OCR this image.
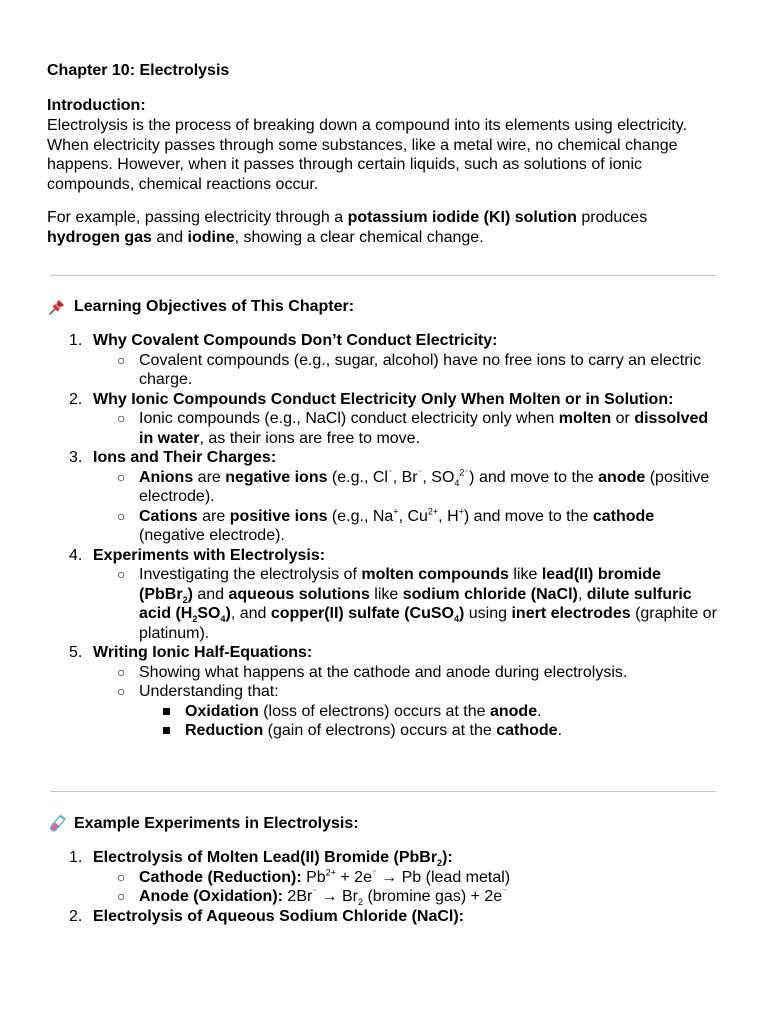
Chapter 10: Electrolysis

Introduction:

Electrolysis is the process of breaking down a compound into its elements using electricity. When electricity passes through some substances, like a metal wire, no chemical change happens. However, when it passes through certain liquids, such as solutions of ionic compounds, chemical reactions occur.

For example, passing electricity through a potassium iodide (KI) solution produces hydrogen gas and iodine, showing a clear chemical change.

Learning Objectives of This Chapter:
1. Why Covalent Compounds Don’t Conduct Electricity:
○ Covalent compounds (e.g., sugar, alcohol) have no free ions to carry an electric charge.
2. Why Ionic Compounds Conduct Electricity Only When Molten or in Solution:
○ Ionic compounds (e.g., NaCl) conduct electricity only when molten or dissolved in water, as their ions are free to move.
3. Ions and Their Charges:
○ Anions are negative ions (e.g., Cl⁻, Br⁻, $SO_4^{2^-}$) and move to the anode (positive electrode).
○ Cations are positive ions (e.g., Na+, $Cu^{2+}$, H+) and move to the cathode (negative electrode).
4. Experiments with Electrolysis:
○ Investigating the electrolysis of molten compounds like lead(II) bromide (PbBr$_2$) and aqueous solutions like sodium chloride (NaCl), dilute sulfuric acid $(H_2SO_4)$, and copper(II) sulfate (CuSO$_4$) using inert electrodes (graphite or platinum).
5. Writing Ionic Half-Equations:
○ Showing what happens at the cathode and anode during electrolysis.
○ Understanding that:
Oxidation (loss of electrons) occurs at the anode.
Reduction (gain of electrons) occurs at the cathode.
Example Experiments in Electrolysis:
1. Electrolysis of Molten Lead(II) Bromide (PbBr$_2$):
○ Cathode (Reduction): $Pb^{2+} + 2e^{^-} \to Pb$ (lead metal)
○ Anode (Oxidation): $2Br^{^-} \to Br_2$ (bromine gas) + 2e⁻
2. Electrolysis of Aqueous Sodium Chloride (NaCl):
